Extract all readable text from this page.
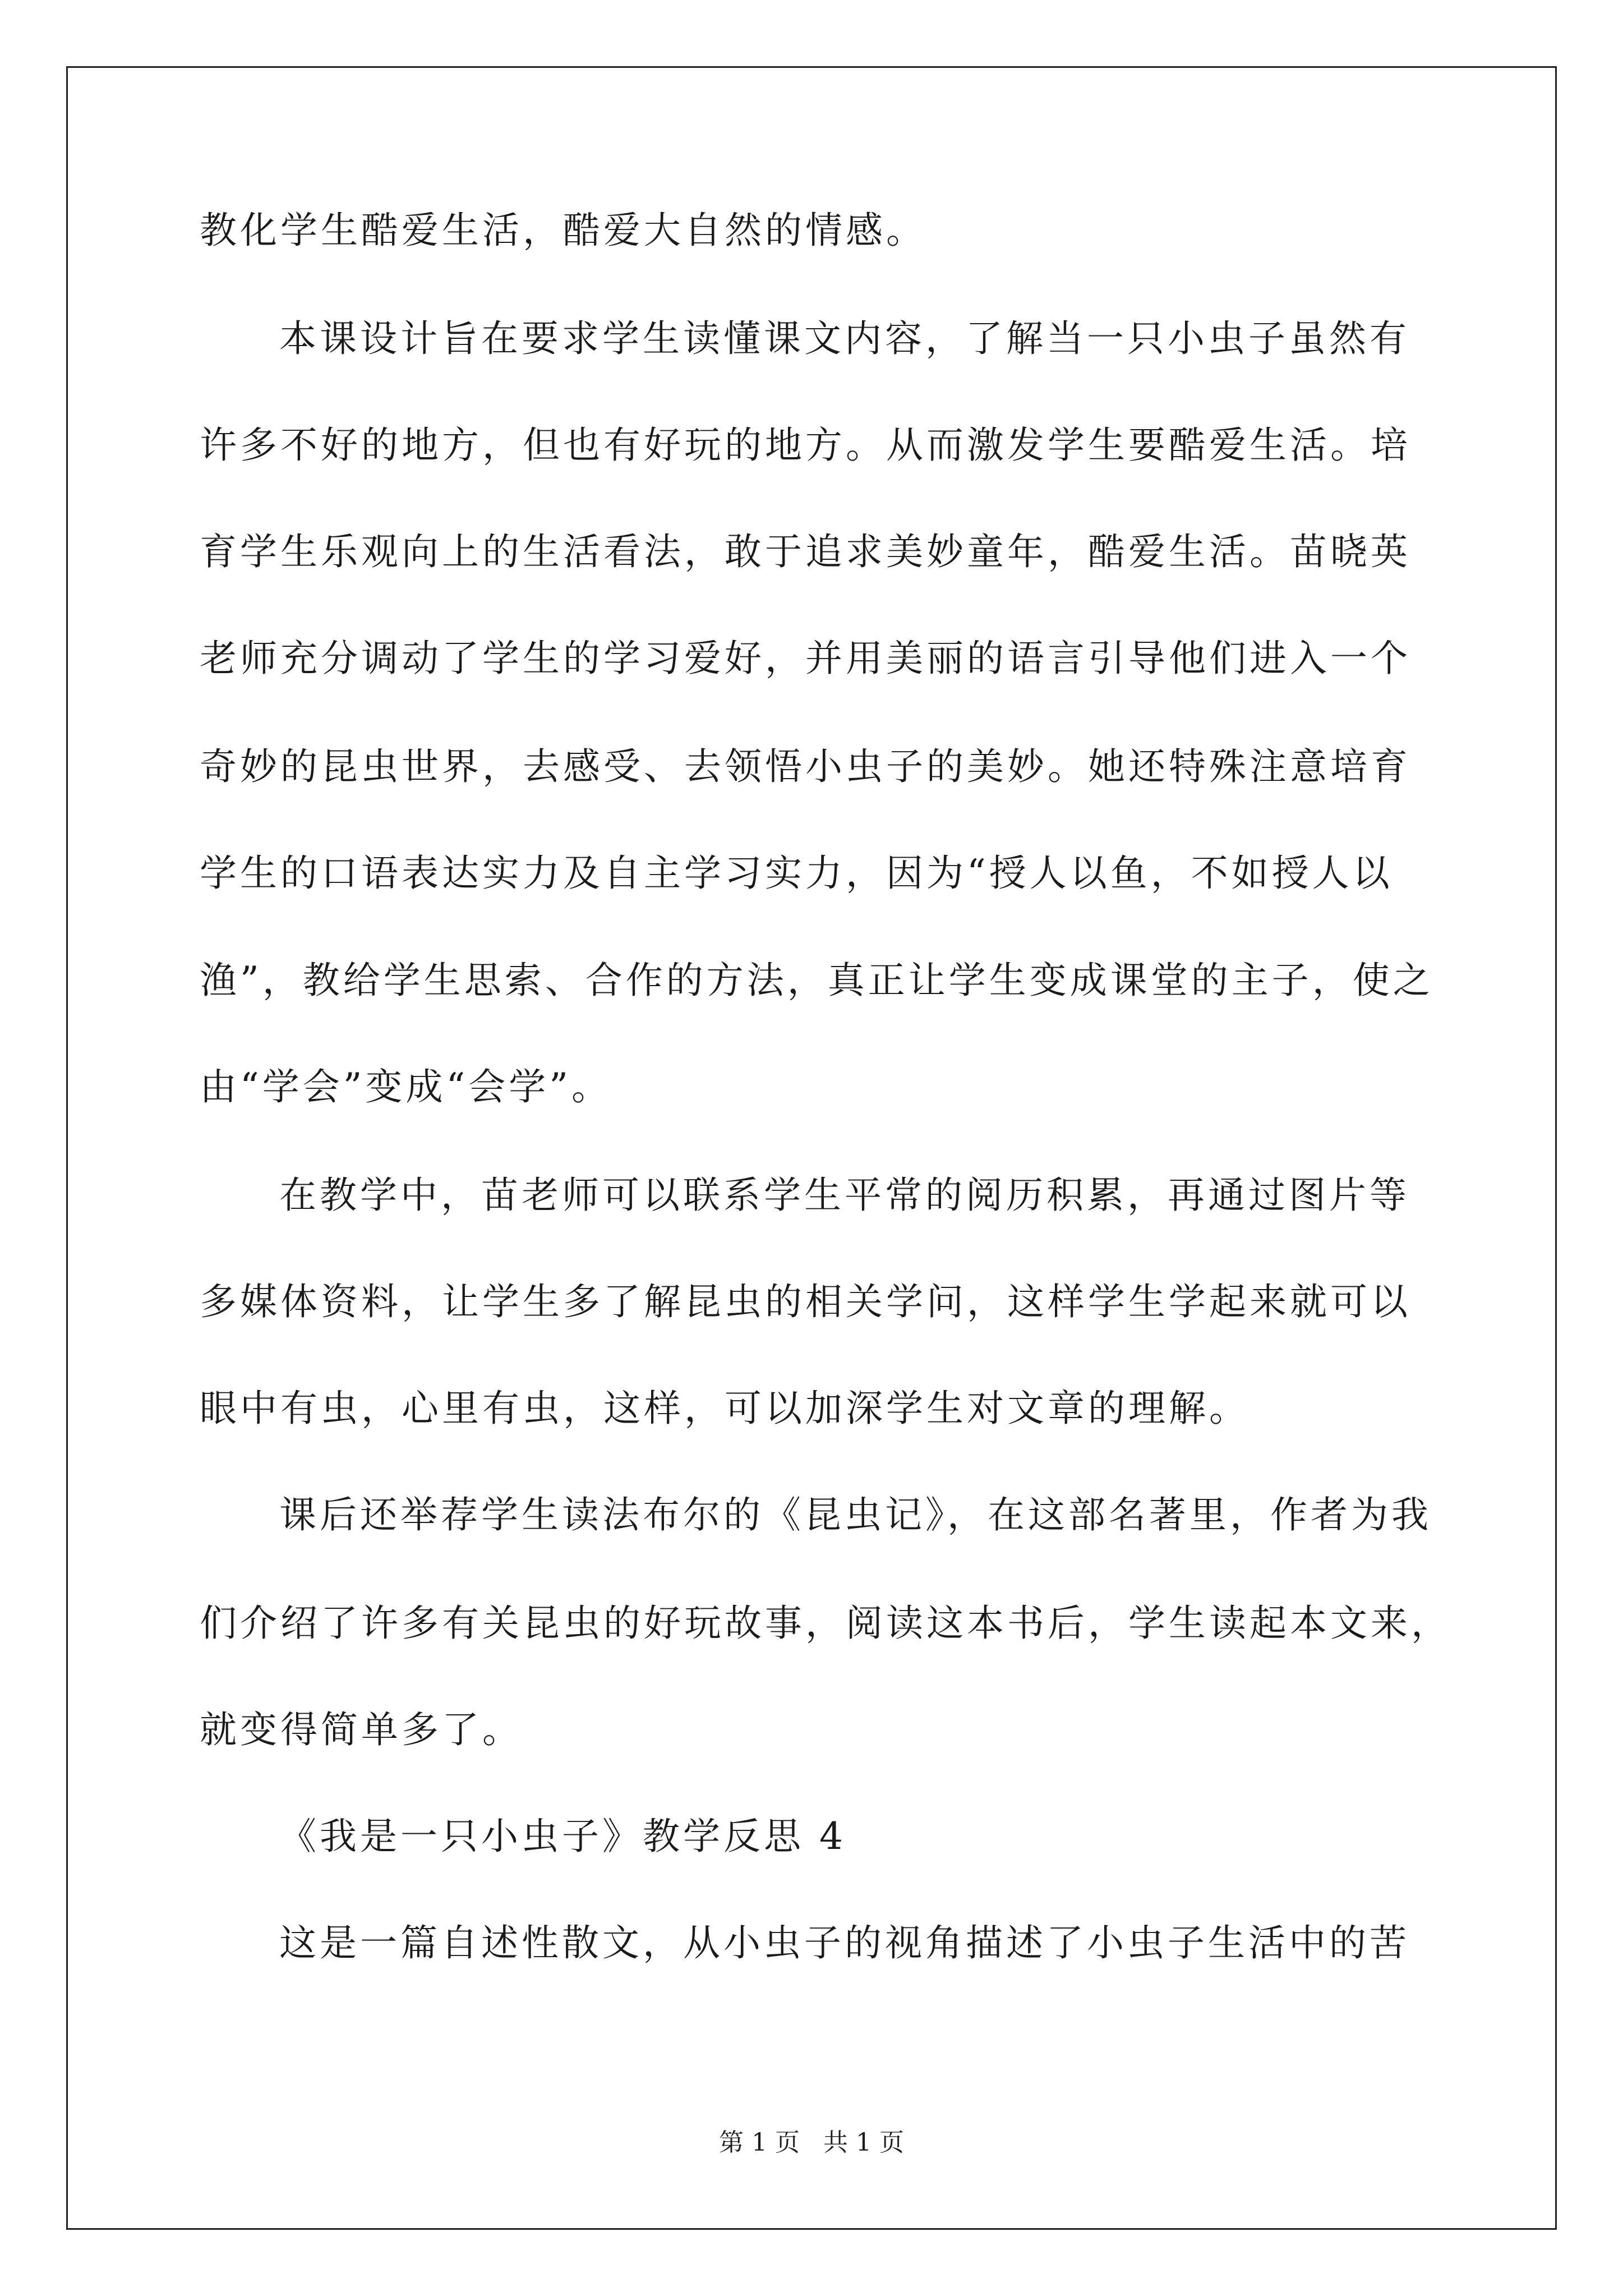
教化学生酷爱生活，酷爱大自然的情感。
本课设计旨在要求学生读懂课文内容，了解当一只小虫子虽然有
许多不好的地方，但也有好玩的地方。从而激发学生要酷爱生活。培
育学生乐观向上的生活看法，敢于追求美妙童年，酷爱生活。苗晓英
老师充分调动了学生的学习爱好，并用美丽的语言引导他们进入一个
奇妙的昆虫世界，去感受、去领悟小虫子的美妙。她还特殊注意培育
学生的口语表达实力及自主学习实力，因为“授人以鱼，不如授人以
渔”，教给学生思索、合作的方法，真正让学生变成课堂的主子，使之
由“学会”变成“会学”。
在教学中，苗老师可以联系学生平常的阅历积累，再通过图片等
多媒体资料，让学生多了解昆虫的相关学问，这样学生学起来就可以
眼中有虫，心里有虫，这样，可以加深学生对文章的理解。
课后还举荐学生读法布尔的《昆虫记》，在这部名著里，作者为我
们介绍了许多有关昆虫的好玩故事，阅读这本书后，学生读起本文来，
就变得简单多了。
《我是一只小虫子》教学反思 4
这是一篇自述性散文，从小虫子的视角描述了小虫子生活中的苦
第 1 页   共 1 页
